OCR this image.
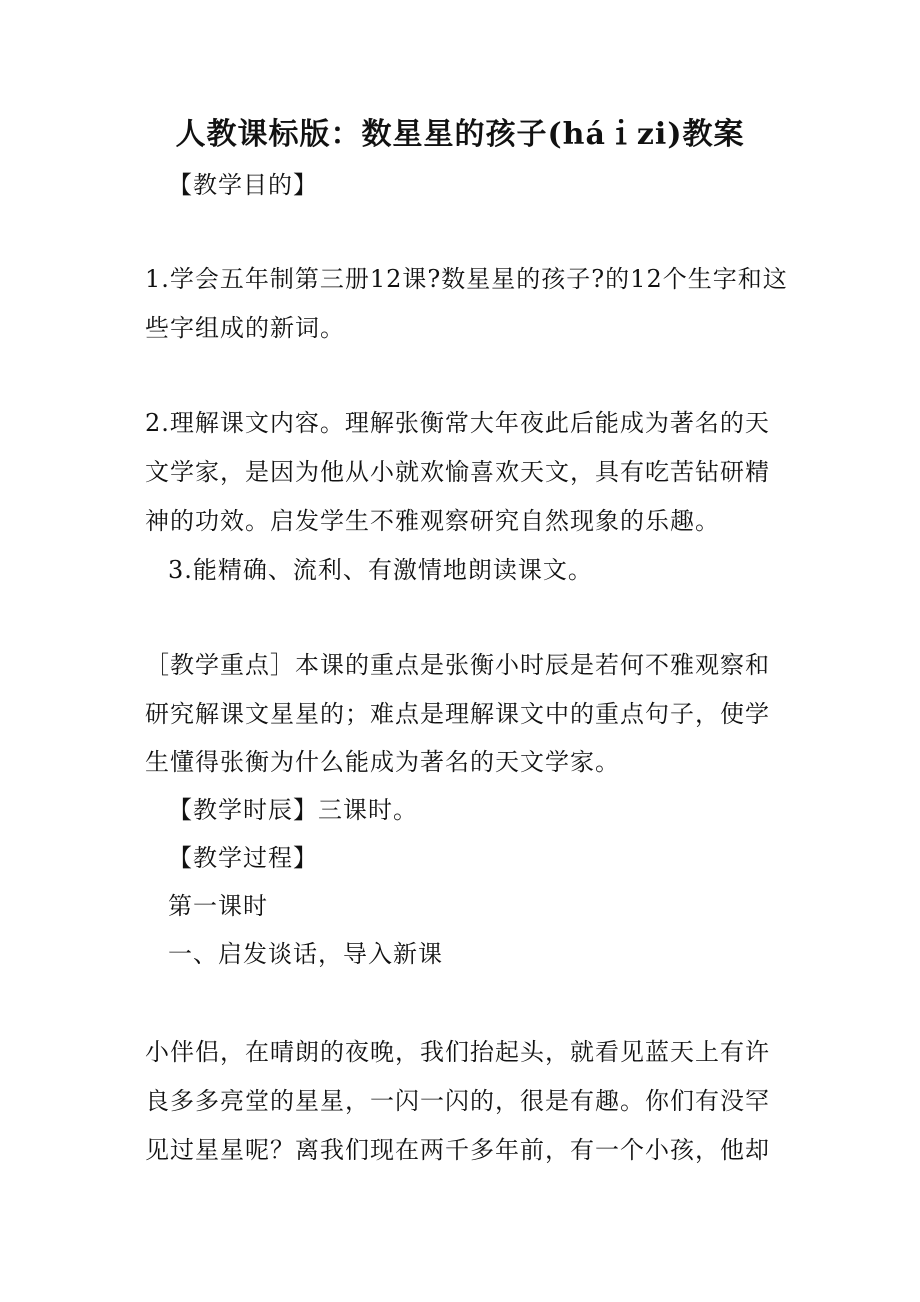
人教课标版：数星星的孩子(háｉzi)教案
【教学目的】
1.学会五年制第三册12课?数星星的孩子?的12个生字和这
些字组成的新词。
2.理解课文内容。理解张衡常大年夜此后能成为著名的天
文学家，是因为他从小就欢愉喜欢天文，具有吃苦钻研精
神的功效。启发学生不雅观察研究自然现象的乐趣。
3.能精确、流利、有激情地朗读课文。
［教学重点］本课的重点是张衡小时辰是若何不雅观察和
研究解课文星星的；难点是理解课文中的重点句子，使学
生懂得张衡为什么能成为著名的天文学家。
【教学时辰】三课时。
【教学过程】
第一课时
一、启发谈话，导入新课
小伴侣，在晴朗的夜晚，我们抬起头，就看见蓝天上有许
良多多亮堂的星星，一闪一闪的，很是有趣。你们有没罕
见过星星呢？离我们现在两千多年前，有一个小孩，他却
